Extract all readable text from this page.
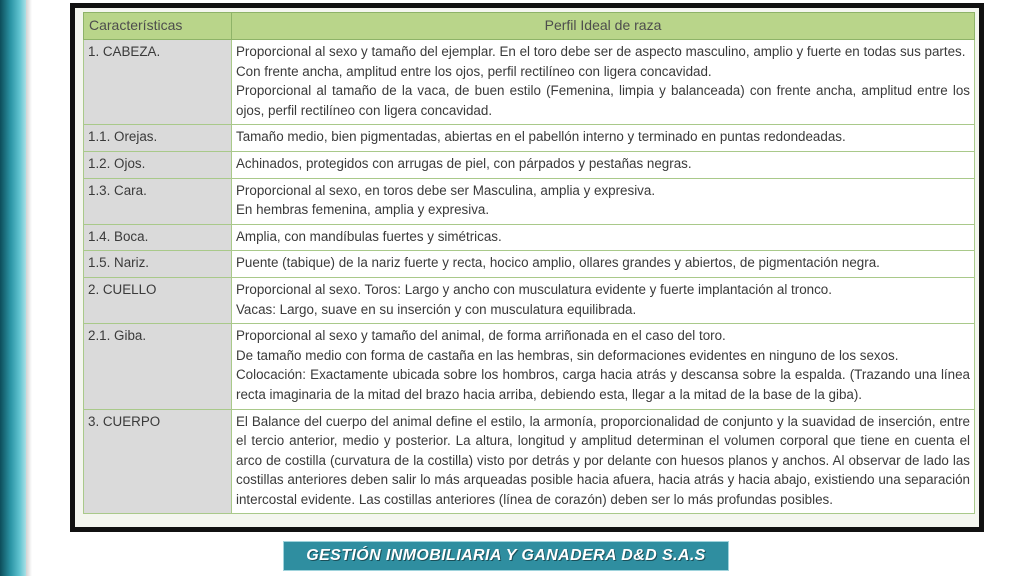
Características	Perfil Ideal de raza
1. CABEZA.	Proporcional al sexo y tamaño del ejemplar. En el toro debe ser de aspecto masculino, amplio y fuerte en todas sus partes.
Con frente ancha, amplitud entre los ojos, perfil rectilíneo con ligera concavidad.
Proporcional al tamaño de la vaca, de buen estilo (Femenina, limpia y balanceada) con frente ancha, amplitud entre los ojos, perfil rectilíneo con ligera concavidad.

1.1. Orejas.	Tamaño medio, bien pigmentadas, abiertas en el pabellón interno y terminado en puntas redondeadas.

1.2. Ojos.	Achinados, protegidos con arrugas de piel, con párpados y pestañas negras.

1.3. Cara.	Proporcional al sexo, en toros debe ser Masculina, amplia y expresiva.
En hembras femenina, amplia y expresiva.

1.4. Boca.	Amplia, con mandíbulas fuertes y simétricas.

1.5. Nariz.	Puente (tabique) de la nariz fuerte y recta, hocico amplio, ollares grandes y abiertos, de pigmentación negra.

2. CUELLO	Proporcional al sexo. Toros: Largo y ancho con musculatura evidente y fuerte implantación al tronco.
Vacas: Largo, suave en su inserción y con musculatura equilibrada.

2.1. Giba.	Proporcional al sexo y tamaño del animal, de forma arriñonada en el caso del toro.
De tamaño medio con forma de castaña en las hembras, sin deformaciones evidentes en ninguno de los sexos.
Colocación: Exactamente ubicada sobre los hombros, carga hacia atrás y descansa sobre la espalda. (Trazando una línea recta imaginaria de la mitad del brazo hacia arriba, debiendo esta, llegar a la mitad de la base de la giba).

3. CUERPO	El Balance del cuerpo del animal define el estilo, la armonía, proporcionalidad de conjunto y la suavidad de inserción, entre el tercio anterior, medio y posterior. La altura, longitud y amplitud determinan el volumen corporal que tiene en cuenta el arco de costilla (curvatura de la costilla) visto por detrás y por delante con huesos planos y anchos. Al observar de lado las costillas anteriores deben salir lo más arqueadas posible hacia afuera, hacia atrás y hacia abajo, existiendo una separación intercostal evidente. Las costillas anteriores (línea de corazón) deben ser lo más profundas posibles.
GESTIÓN INMOBILIARIA Y GANADERA D&D S.A.S
